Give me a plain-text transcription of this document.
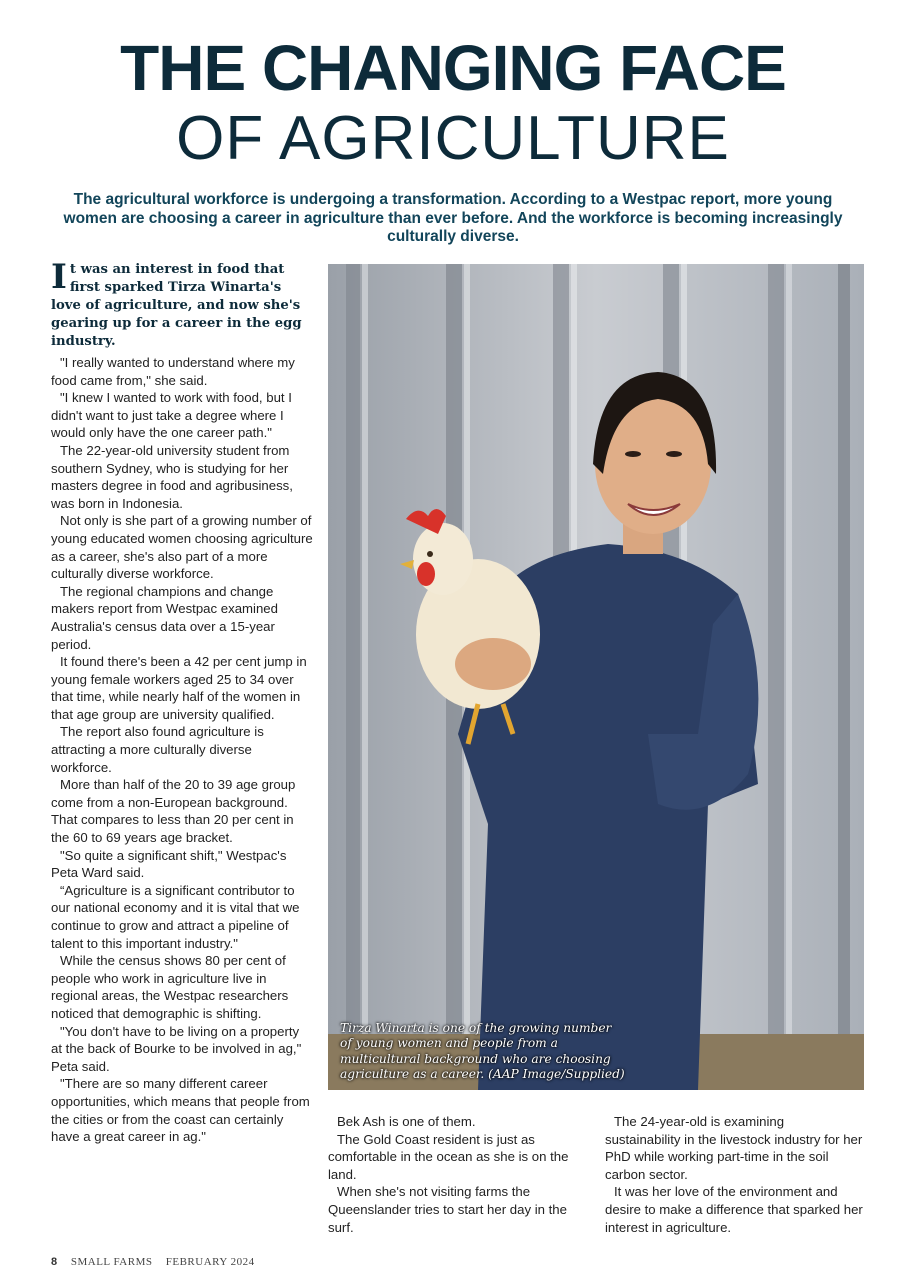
THE CHANGING FACE
OF AGRICULTURE

The agricultural workforce is undergoing a transformation. According to a Westpac report, more young women are choosing a career in agriculture than ever before. And the workforce is becoming increasingly culturally diverse.

It was an interest in food that first sparked Tirza Winarta's love of agriculture, and now she's gearing up for a career in the egg industry.

"I really wanted to understand where my food came from," she said.

"I knew I wanted to work with food, but I didn't want to just take a degree where I would only have the one career path."

The 22-year-old university student from southern Sydney, who is studying for her masters degree in food and agribusiness, was born in Indonesia.

Not only is she part of a growing number of young educated women choosing agriculture as a career, she's also part of a more culturally diverse workforce.

The regional champions and change makers report from Westpac examined Australia's census data over a 15-year period.

It found there's been a 42 per cent jump in young female workers aged 25 to 34 over that time, while nearly half of the women in that age group are university qualified.

The report also found agriculture is attracting a more culturally diverse workforce.

More than half of the 20 to 39 age group come from a non-European background. That compares to less than 20 per cent in the 60 to 69 years age bracket.

"So quite a significant shift," Westpac's Peta Ward said.

“Agriculture is a significant contributor to our national economy and it is vital that we continue to grow and attract a pipeline of talent to this important industry."

While the census shows 80 per cent of people who work in agriculture live in regional areas, the Westpac researchers noticed that demographic is shifting.

"You don't have to be living on a property at the back of Bourke to be involved in ag," Peta said.

"There are so many different career opportunities, which means that people from the cities or from the coast can certainly have a great career in ag."

Tirza Winarta is one of the growing number of young women and people from a multicultural background who are choosing agriculture as a career. (AAP Image/Supplied)

Bek Ash is one of them.

The Gold Coast resident is just as comfortable in the ocean as she is on the land.

When she's not visiting farms the Queenslander tries to start her day in the surf.

The 24-year-old is examining sustainability in the livestock industry for her PhD while working part-time in the soil carbon sector.

It was her love of the environment and desire to make a difference that sparked her interest in agriculture.

8 SMALL FARMS FEBRUARY 2024
